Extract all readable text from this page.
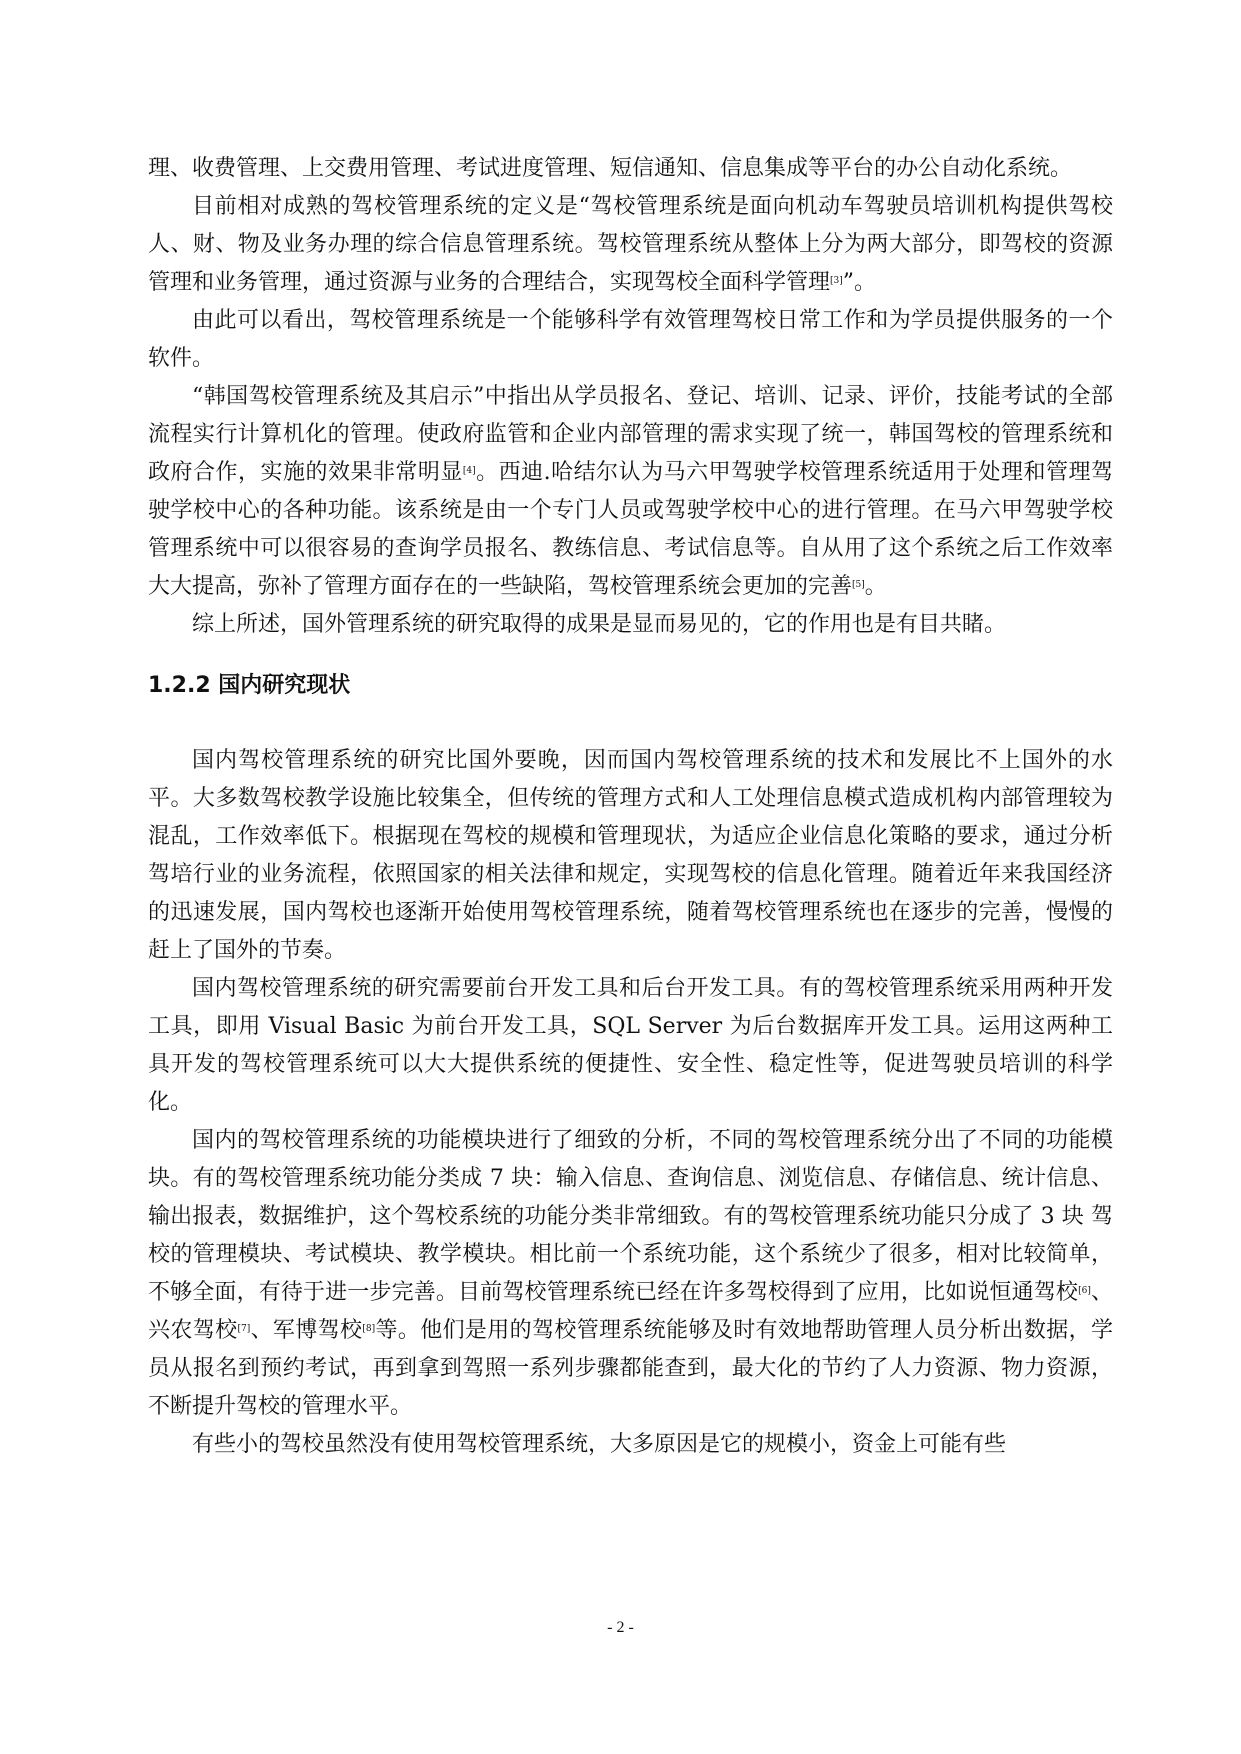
理、收费管理、上交费用管理、考试进度管理、短信通知、信息集成等平台的办公自动化系统。

目前相对成熟的驾校管理系统的定义是“驾校管理系统是面向机动车驾驶员培训机构提供驾校人、财、物及业务办理的综合信息管理系统。驾校管理系统从整体上分为两大部分，即驾校的资源管理和业务管理，通过资源与业务的合理结合，实现驾校全面科学管理[3]”。

由此可以看出，驾校管理系统是一个能够科学有效管理驾校日常工作和为学员提供服务的一个软件。

“韩国驾校管理系统及其启示”中指出从学员报名、登记、培训、记录、评价，技能考试的全部流程实行计算机化的管理。使政府监管和企业内部管理的需求实现了统一，韩国驾校的管理系统和政府合作，实施的效果非常明显[4]。西迪.哈结尔认为马六甲驾驶学校管理系统适用于处理和管理驾驶学校中心的各种功能。该系统是由一个专门人员或驾驶学校中心的进行管理。在马六甲驾驶学校管理系统中可以很容易的查询学员报名、教练信息、考试信息等。自从用了这个系统之后工作效率大大提高，弥补了管理方面存在的一些缺陷，驾校管理系统会更加的完善[5]。

综上所述，国外管理系统的研究取得的成果是显而易见的，它的作用也是有目共睹。

1.2.2 国内研究现状

国内驾校管理系统的研究比国外要晚，因而国内驾校管理系统的技术和发展比不上国外的水平。大多数驾校教学设施比较集全，但传统的管理方式和人工处理信息模式造成机构内部管理较为混乱，工作效率低下。根据现在驾校的规模和管理现状，为适应企业信息化策略的要求，通过分析驾培行业的业务流程，依照国家的相关法律和规定，实现驾校的信息化管理。随着近年来我国经济的迅速发展，国内驾校也逐渐开始使用驾校管理系统，随着驾校管理系统也在逐步的完善，慢慢的赶上了国外的节奏。

国内驾校管理系统的研究需要前台开发工具和后台开发工具。有的驾校管理系统采用两种开发工具，即用 Visual Basic 为前台开发工具，SQL Server 为后台数据库开发工具。运用这两种工具开发的驾校管理系统可以大大提供系统的便捷性、安全性、稳定性等，促进驾驶员培训的科学化。

国内的驾校管理系统的功能模块进行了细致的分析，不同的驾校管理系统分出了不同的功能模块。有的驾校管理系统功能分类成 7 块：输入信息、查询信息、浏览信息、存储信息、统计信息、输出报表，数据维护，这个驾校系统的功能分类非常细致。有的驾校管理系统功能只分成了 3 块 驾校的管理模块、考试模块、教学模块。相比前一个系统功能，这个系统少了很多，相对比较简单，不够全面，有待于进一步完善。目前驾校管理系统已经在许多驾校得到了应用，比如说恒通驾校[6]、兴农驾校[7]、军博驾校[8]等。他们是用的驾校管理系统能够及时有效地帮助管理人员分析出数据，学员从报名到预约考试，再到拿到驾照一系列步骤都能查到，最大化的节约了人力资源、物力资源，不断提升驾校的管理水平。

有些小的驾校虽然没有使用驾校管理系统，大多原因是它的规模小，资金上可能有些

- 2 -
